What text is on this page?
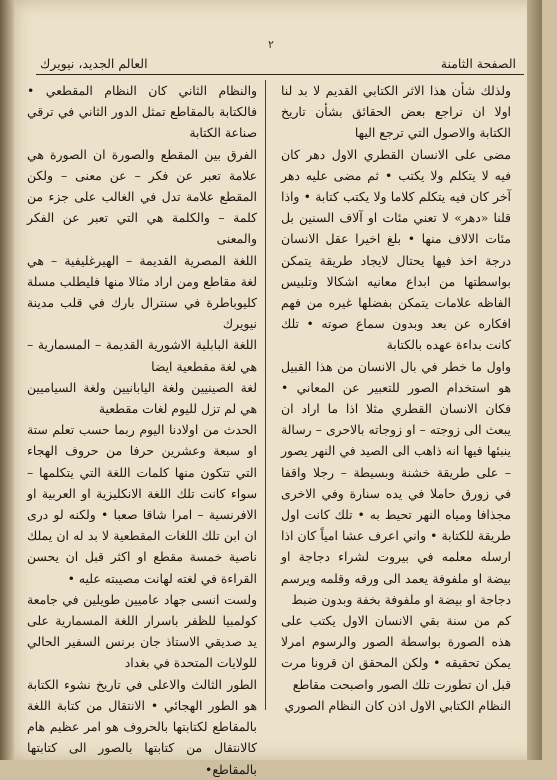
٢
الصفحة الثامنة
العالم الجديد، نيويرك

ولذلك شأن هذا الاثر الكتابي القديم لا بد لنا اولا ان نراجع بعض الحقائق بشأن تاريخ الكتابة والاصول التي ترجع اليها

مضى على الانسان القطري الاول دهر كان فيه لا يتكلم ولا يكتب • ثم مضى عليه دهر آخر كان فيه يتكلم كلاما ولا يكتب كتابة • واذا قلنا «دهر» لا تعني مئات او آلاف السنين بل مئات الالاف منها • بلغ اخيرا عقل الانسان درجة اخذ فيها يحتال لايجاد طريقة يتمكن بواسطتها من ابداع معانيه اشكالا وتلبيس الفاظه علامات يتمكن بفضلها غيره من فهم افكاره عن بعد وبدون سماع صوته • تلك كانت بداءة عهده بالكتابة

واول ما خطر في بال الانسان من هذا القبيل هو استخدام الصور للتعبير عن المعاني • فكان الانسان القطري مثلا اذا ما اراد ان يبعث الى زوجته – او زوجاته بالاحرى – رسالة ينبئها فيها انه ذاهب الى الصيد في النهر يصور – على طريقة خشنة وبسيطة – رجلا واقفا في زورق حاملا في يده سنارة وفي الاخرى مجذافا ومياه النهر تحيط به • تلك كانت اول طريقة للكتابة • واني اعرف عشا امياً كان اذا ارسله معلمه في بيروت لشراء دجاجة او بيضة او ملفوفة يعمد الى ورقه وقلمه ويرسم دجاجة او بيضة او ملفوفة بخفة وبدون ضبط

كم من سنة بقي الانسان الاول يكتب على هذه الصورة بواسطة الصور والرسوم امرلا يمكن تحقيقه • ولكن المحقق ان قرونا مرت قبل ان تطورت تلك الصور واصبحت مقاطع

النظام الكتابي الاول اذن كان النظام الصوري

والنظام الثاني كان النظام المقطعي • فالكتابة بالمقاطع تمثل الدور الثاني في ترقي صناعة الكتابة

الفرق بين المقطع والصورة ان الصورة هي علامة تعبر عن فكر – عن معنى – ولكن المقطع علامة تدل في الغالب على جزء من كلمة – والكلمة هي التي تعبر عن الفكر والمعنى

اللغة المصرية القديمة – الهيرغليفية – هي لغة مقاطع ومن اراد مثالا منها فليطلب مسلة كليوباطرة في سنترال بارك في قلب مدينة نيويرك

اللغة البابلية الاشورية القديمة – المسمارية – هي لغة مقطعية ايضا

لغة الصينيين ولغة اليابانيين ولغة السياميين هي لم تزل لليوم لغات مقطعية

الحدث من اولادنا اليوم ربما حسب تعلم ستة او سبعة وعشرين حرفا من حروف الهجاء التي تتكون منها كلمات اللغة التي يتكلمها – سواء كانت تلك اللغة الانكليزية او العربية او الافرنسية – امرا شاقا صعبا • ولكنه لو درى ان ابن تلك اللغات المقطعية لا بد له ان يملك ناصية خمسة مقطع او اكثر قبل ان يحسن القراءة في لغته لهانت مصيبته عليه •

ولست انسى جهاد عاميين طويلين في جامعة كولمبيا للظفر باسرار اللغة المسمارية على يد صديقي الاستاذ جان برنس السفير الحالي للولايات المتحدة في بغداد

الطور الثالث والاعلى في تاريخ نشوء الكتابة هو الطور الهجائي • الانتقال من كتابة اللغة بالمقاطع لكتابتها بالحروف هو امر عظيم هام كالانتقال من كتابتها بالصور الى كتابتها بالمقاطع•
